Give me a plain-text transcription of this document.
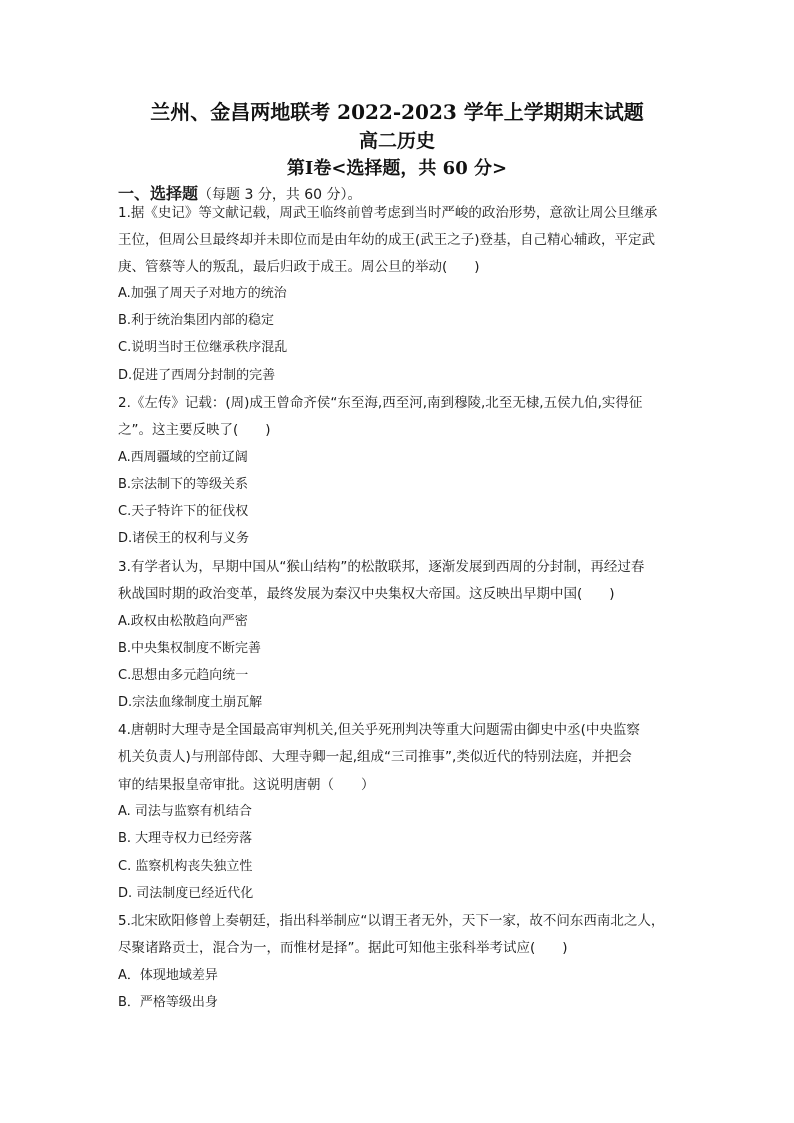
兰州、金昌两地联考 2022-2023 学年上学期期末试题
高二历史
第Ⅰ卷<选择题，共 60 分>
一、选择题（每题 3 分，共 60 分）。
1.据《史记》等文献记载，周武王临终前曾考虑到当时严峻的政治形势，意欲让周公旦继承
王位，但周公旦最终却并未即位而是由年幼的成王(武王之子)登基，自己精心辅政，平定武
庚、管蔡等人的叛乱，最后归政于成王。周公旦的举动(　　)
A.加强了周天子对地方的统治
B.利于统治集团内部的稳定
C.说明当时王位继承秩序混乱
D.促进了西周分封制的完善
2.《左传》记载：(周)成王曾命齐侯“东至海,西至河,南到穆陵,北至无棣,五侯九伯,实得征
之”。这主要反映了(　　)
A.西周疆域的空前辽阔
B.宗法制下的等级关系
C.天子特许下的征伐权
D.诸侯王的权利与义务
3.有学者认为，早期中国从“猴山结构”的松散联邦，逐渐发展到西周的分封制，再经过春
秋战国时期的政治变革，最终发展为秦汉中央集权大帝国。这反映出早期中国(　　)
A.政权由松散趋向严密
B.中央集权制度不断完善
C.思想由多元趋向统一
D.宗法血缘制度土崩瓦解
4.唐朝时大理寺是全国最高审判机关,但关乎死刑判决等重大问题需由御史中丞(中央监察
机关负责人)与刑部侍郎、大理寺卿一起,组成“三司推事”,类似近代的特别法庭，并把会
审的结果报皇帝审批。这说明唐朝（　　）
A. 司法与监察有机结合
B. 大理寺权力已经旁落
C. 监察机构丧失独立性
D. 司法制度已经近代化
5.北宋欧阳修曾上奏朝廷，指出科举制应“以谓王者无外，天下一家，故不问东西南北之人，
尽聚诸路贡士，混合为一，而惟材是择”。据此可知他主张科举考试应(　　)
A．体现地域差异
B．严格等级出身
